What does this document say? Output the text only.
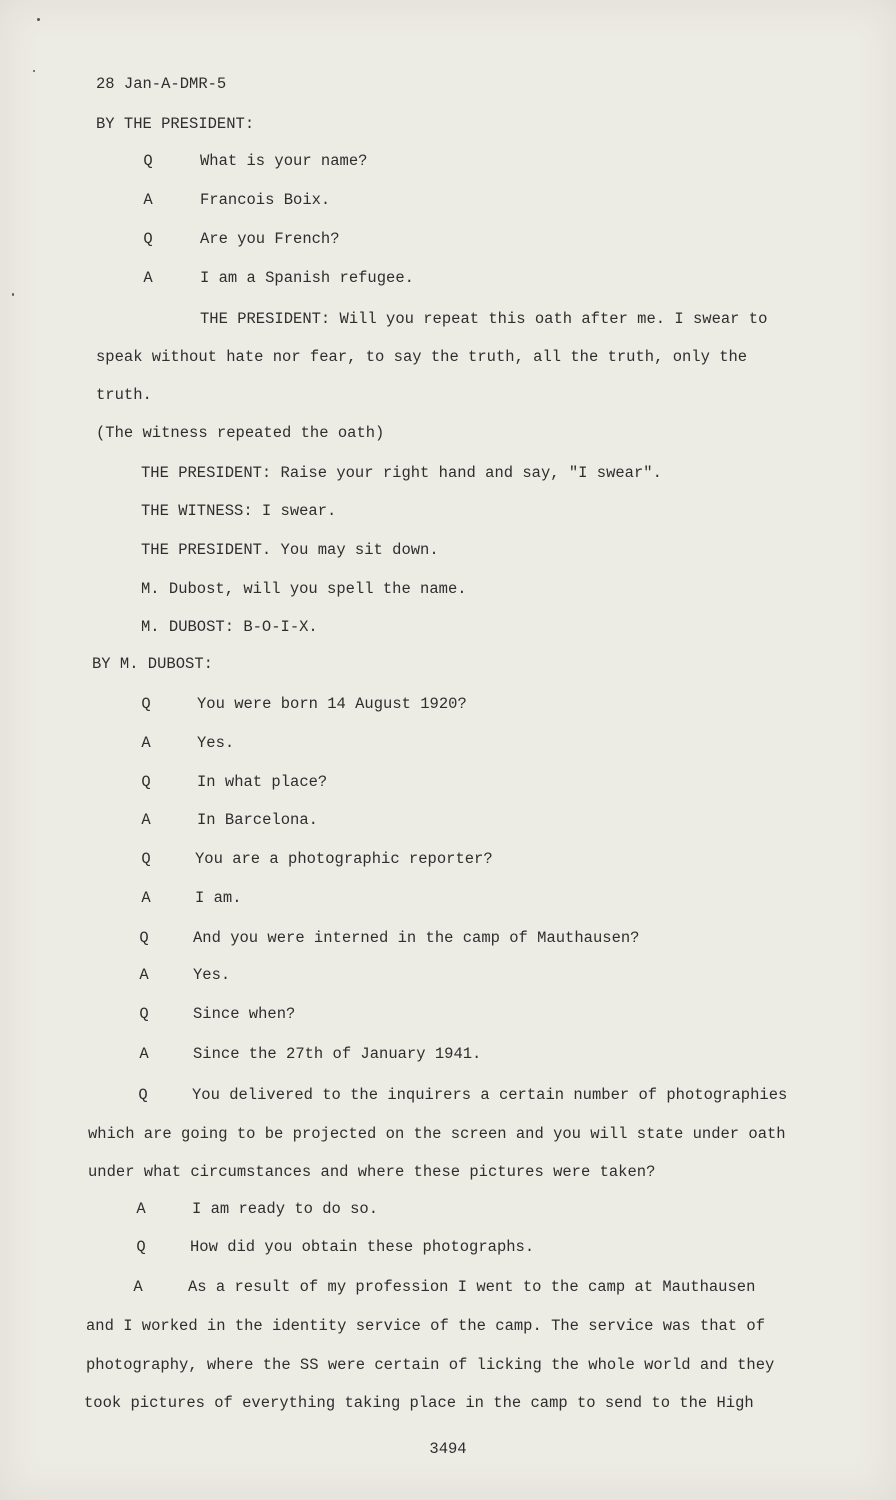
28 Jan-A-DMR-5
BY THE PRESIDENT:
Q	What is your name?
A	Francois Boix.
Q	Are you French?
A	I am a Spanish refugee.
THE PRESIDENT: Will you repeat this oath after me. I swear to
speak without hate nor fear, to say the truth, all the truth, only the
truth.
(The witness repeated the oath)
THE PRESIDENT: Raise your right hand and say, "I swear".
THE WITNESS: I swear.
THE PRESIDENT. You may sit down.
M. Dubost, will you spell the name.
M. DUBOST: B-O-I-X.
BY M. DUBOST:
Q	You were born 14 August 1920?
A	Yes.
Q	In what place?
A	In Barcelona.
Q	You are a photographic reporter?
A	I am.
Q	And you were interned in the camp of Mauthausen?
A	Yes.
Q	Since when?
A	Since the 27th of January 1941.
Q	You delivered to the inquirers a certain number of photographies
which are going to be projected on the screen and you will state under oath
under what circumstances and where these pictures were taken?
A	I am ready to do so.
Q	How did you obtain these photographs.
A	As a result of my profession I went to the camp at Mauthausen
and I worked in the identity service of the camp. The service was that of
photography, where the SS were certain of licking the whole world and they
took pictures of everything taking place in the camp to send to the High
3494
